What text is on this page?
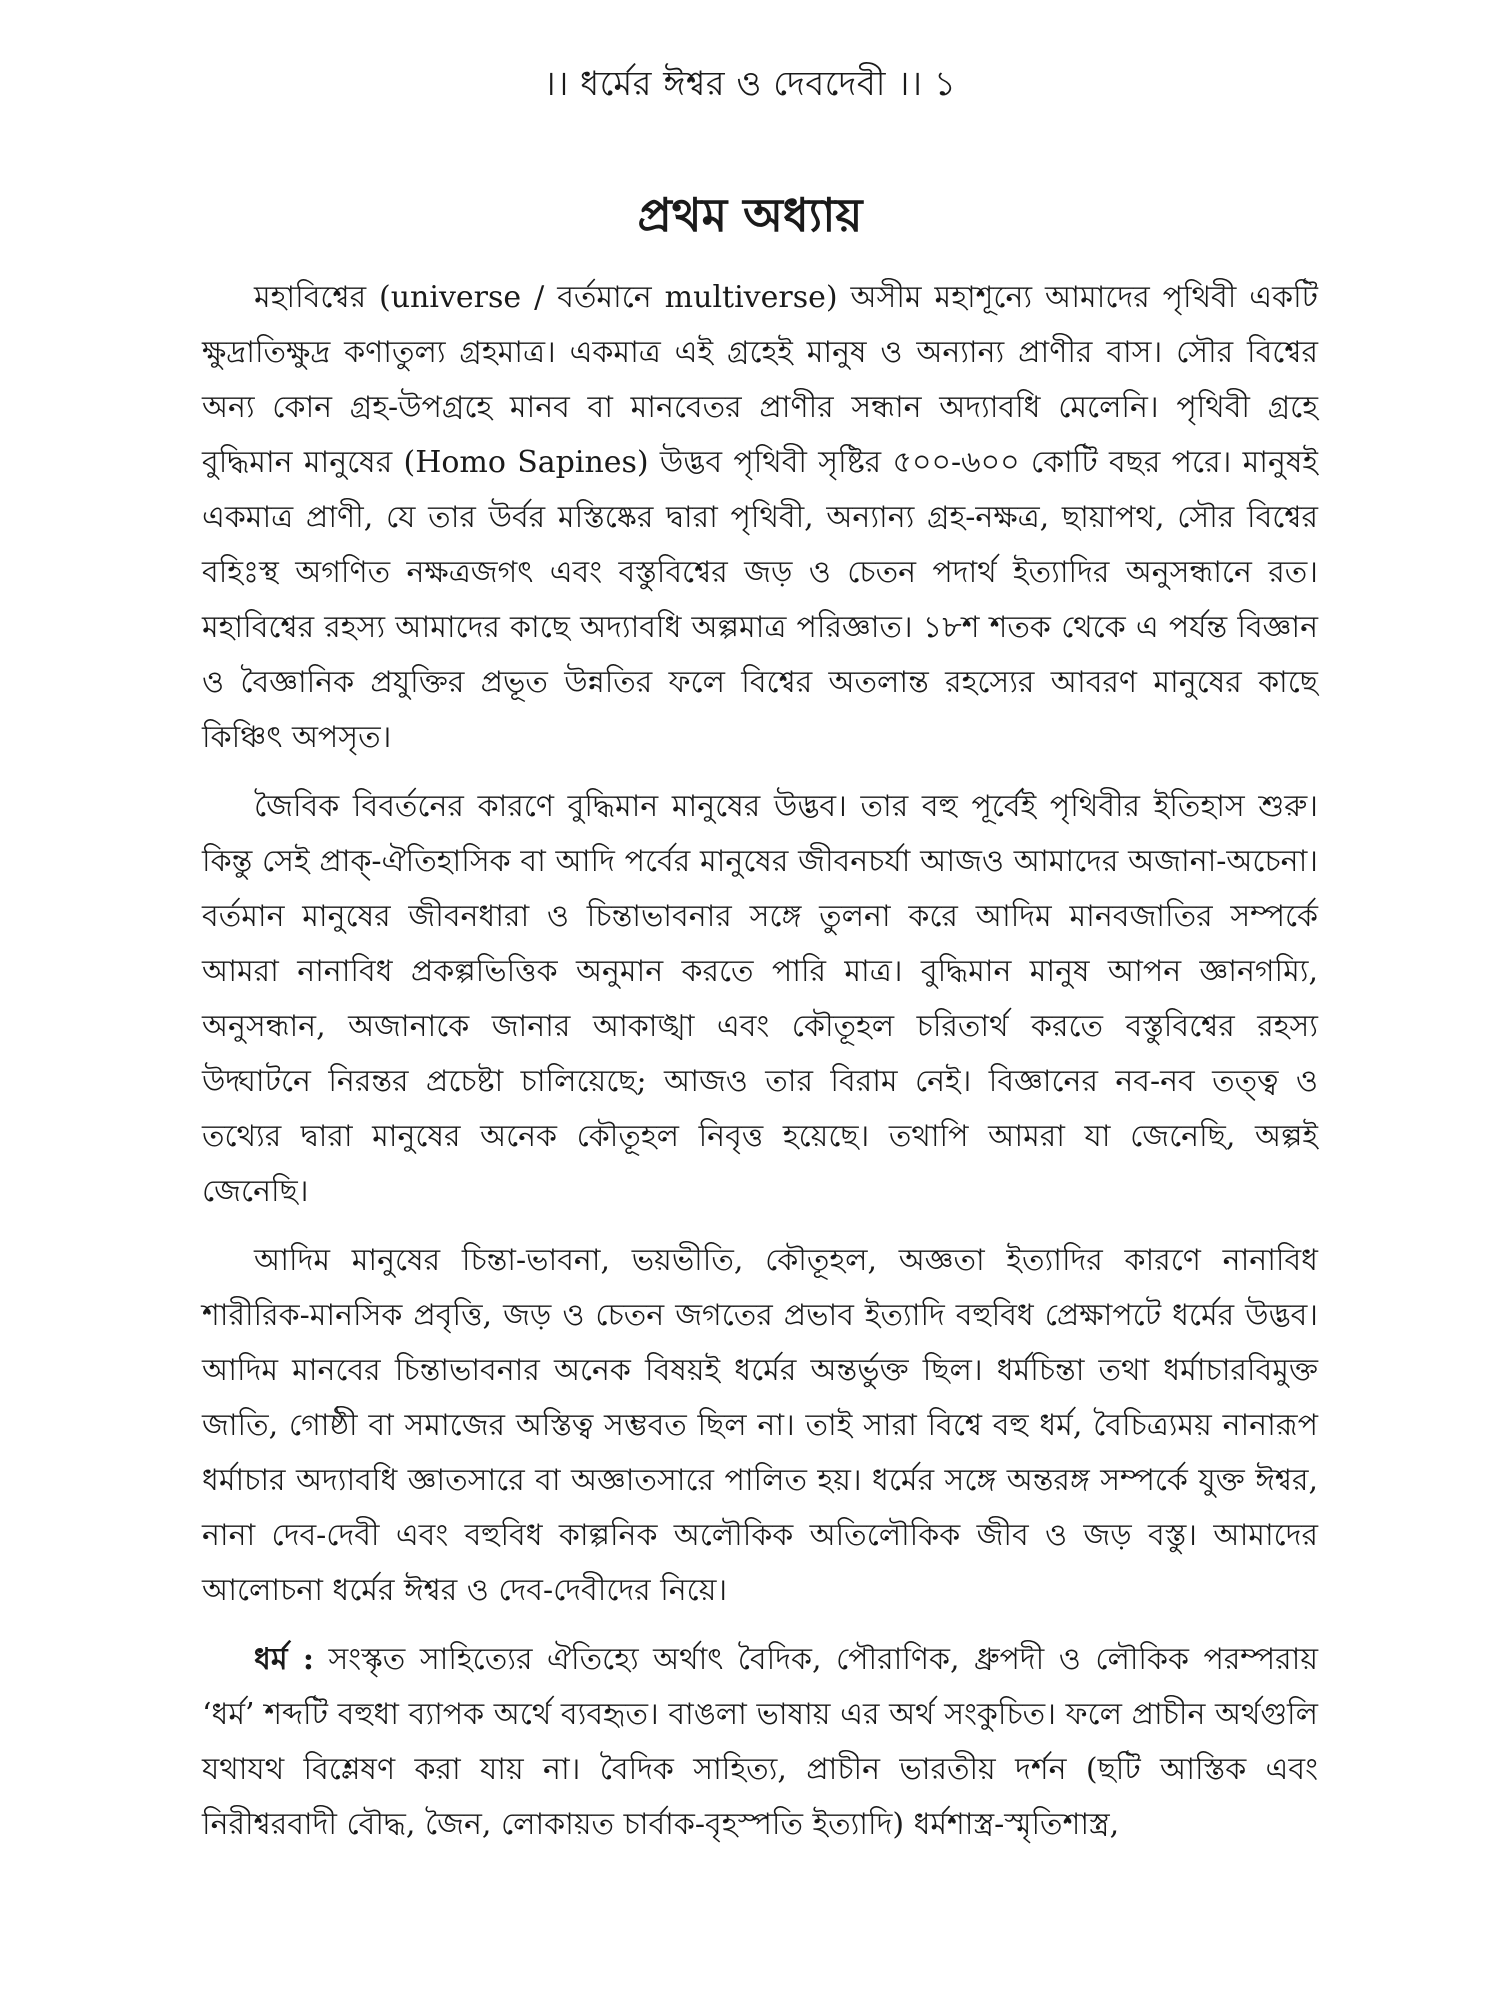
।। ধর্মের ঈশ্বর ও দেবদেবী ।। ১
প্রথম অধ্যায়

মহাবিশ্বের (universe / বর্তমানে multiverse) অসীম মহাশূন্যে আমাদের পৃথিবী একটি ক্ষুদ্রাতিক্ষুদ্র কণাতুল্য গ্রহমাত্র। একমাত্র এই গ্রহেই মানুষ ও অন্যান্য প্রাণীর বাস। সৌর বিশ্বের অন্য কোন গ্রহ-উপগ্রহে মানব বা মানবেতর প্রাণীর সন্ধান অদ্যাবধি মেলেনি। পৃথিবী গ্রহে বুদ্ধিমান মানুষের (Homo Sapines) উদ্ভব পৃথিবী সৃষ্টির ৫০০-৬০০ কোটি বছর পরে। মানুষই একমাত্র প্রাণী, যে তার উর্বর মস্তিষ্কের দ্বারা পৃথিবী, অন্যান্য গ্রহ-নক্ষত্র, ছায়াপথ, সৌর বিশ্বের বহিঃস্থ অগণিত নক্ষত্রজগৎ এবং বস্তুবিশ্বের জড় ও চেতন পদার্থ ইত্যাদির অনুসন্ধানে রত। মহাবিশ্বের রহস্য আমাদের কাছে অদ্যাবধি অল্পমাত্র পরিজ্ঞাত। ১৮শ শতক থেকে এ পর্যন্ত বিজ্ঞান ও বৈজ্ঞানিক প্রযুক্তির প্রভূত উন্নতির ফলে বিশ্বের অতলান্ত রহস্যের আবরণ মানুষের কাছে কিঞ্চিৎ অপসৃত।

জৈবিক বিবর্তনের কারণে বুদ্ধিমান মানুষের উদ্ভব। তার বহু পূর্বেই পৃথিবীর ইতিহাস শুরু। কিন্তু সেই প্রাক্‌-ঐতিহাসিক বা আদি পর্বের মানুষের জীবনচর্যা আজও আমাদের অজানা-অচেনা। বর্তমান মানুষের জীবনধারা ও চিন্তাভাবনার সঙ্গে তুলনা করে আদিম মানবজাতির সম্পর্কে আমরা নানাবিধ প্রকল্পভিত্তিক অনুমান করতে পারি মাত্র। বুদ্ধিমান মানুষ আপন জ্ঞানগম্যি, অনুসন্ধান, অজানাকে জানার আকাঙ্খা এবং কৌতূহল চরিতার্থ করতে বস্তুবিশ্বের রহস্য উদ্ঘাটনে নিরন্তর প্রচেষ্টা চালিয়েছে; আজও তার বিরাম নেই। বিজ্ঞানের নব-নব তত্ত্ব ও তথ্যের দ্বারা মানুষের অনেক কৌতূহল নিবৃত্ত হয়েছে। তথাপি আমরা যা জেনেছি, অল্পই জেনেছি।

আদিম মানুষের চিন্তা-ভাবনা, ভয়ভীতি, কৌতূহল, অজ্ঞতা ইত্যাদির কারণে নানাবিধ শারীরিক-মানসিক প্রবৃত্তি, জড় ও চেতন জগতের প্রভাব ইত্যাদি বহুবিধ প্রেক্ষাপটে ধর্মের উদ্ভব। আদিম মানবের চিন্তাভাবনার অনেক বিষয়ই ধর্মের অন্তর্ভুক্ত ছিল। ধর্মচিন্তা তথা ধর্মাচারবিমুক্ত জাতি, গোষ্ঠী বা সমাজের অস্তিত্ব সম্ভবত ছিল না। তাই সারা বিশ্বে বহু ধর্ম, বৈচিত্র্যময় নানারূপ ধর্মাচার অদ্যাবধি জ্ঞাতসারে বা অজ্ঞাতসারে পালিত হয়। ধর্মের সঙ্গে অন্তরঙ্গ সম্পর্কে যুক্ত ঈশ্বর, নানা দেব-দেবী এবং বহুবিধ কাল্পনিক অলৌকিক অতিলৌকিক জীব ও জড় বস্তু। আমাদের আলোচনা ধর্মের ঈশ্বর ও দেব-দেবীদের নিয়ে।

ধর্ম : সংস্কৃত সাহিত্যের ঐতিহ্যে অর্থাৎ বৈদিক, পৌরাণিক, ধ্রুপদী ও লৌকিক পরম্পরায় ‘ধর্ম’ শব্দটি বহুধা ব্যাপক অর্থে ব্যবহৃত। বাঙলা ভাষায় এর অর্থ সংকুচিত। ফলে প্রাচীন অর্থগুলি যথাযথ বিশ্লেষণ করা যায় না। বৈদিক সাহিত্য, প্রাচীন ভারতীয় দর্শন (ছটি আস্তিক এবং নিরীশ্বরবাদী বৌদ্ধ, জৈন, লোকায়ত চার্বাক-বৃহস্পতি ইত্যাদি) ধর্মশাস্ত্র-স্মৃতিশাস্ত্র,
